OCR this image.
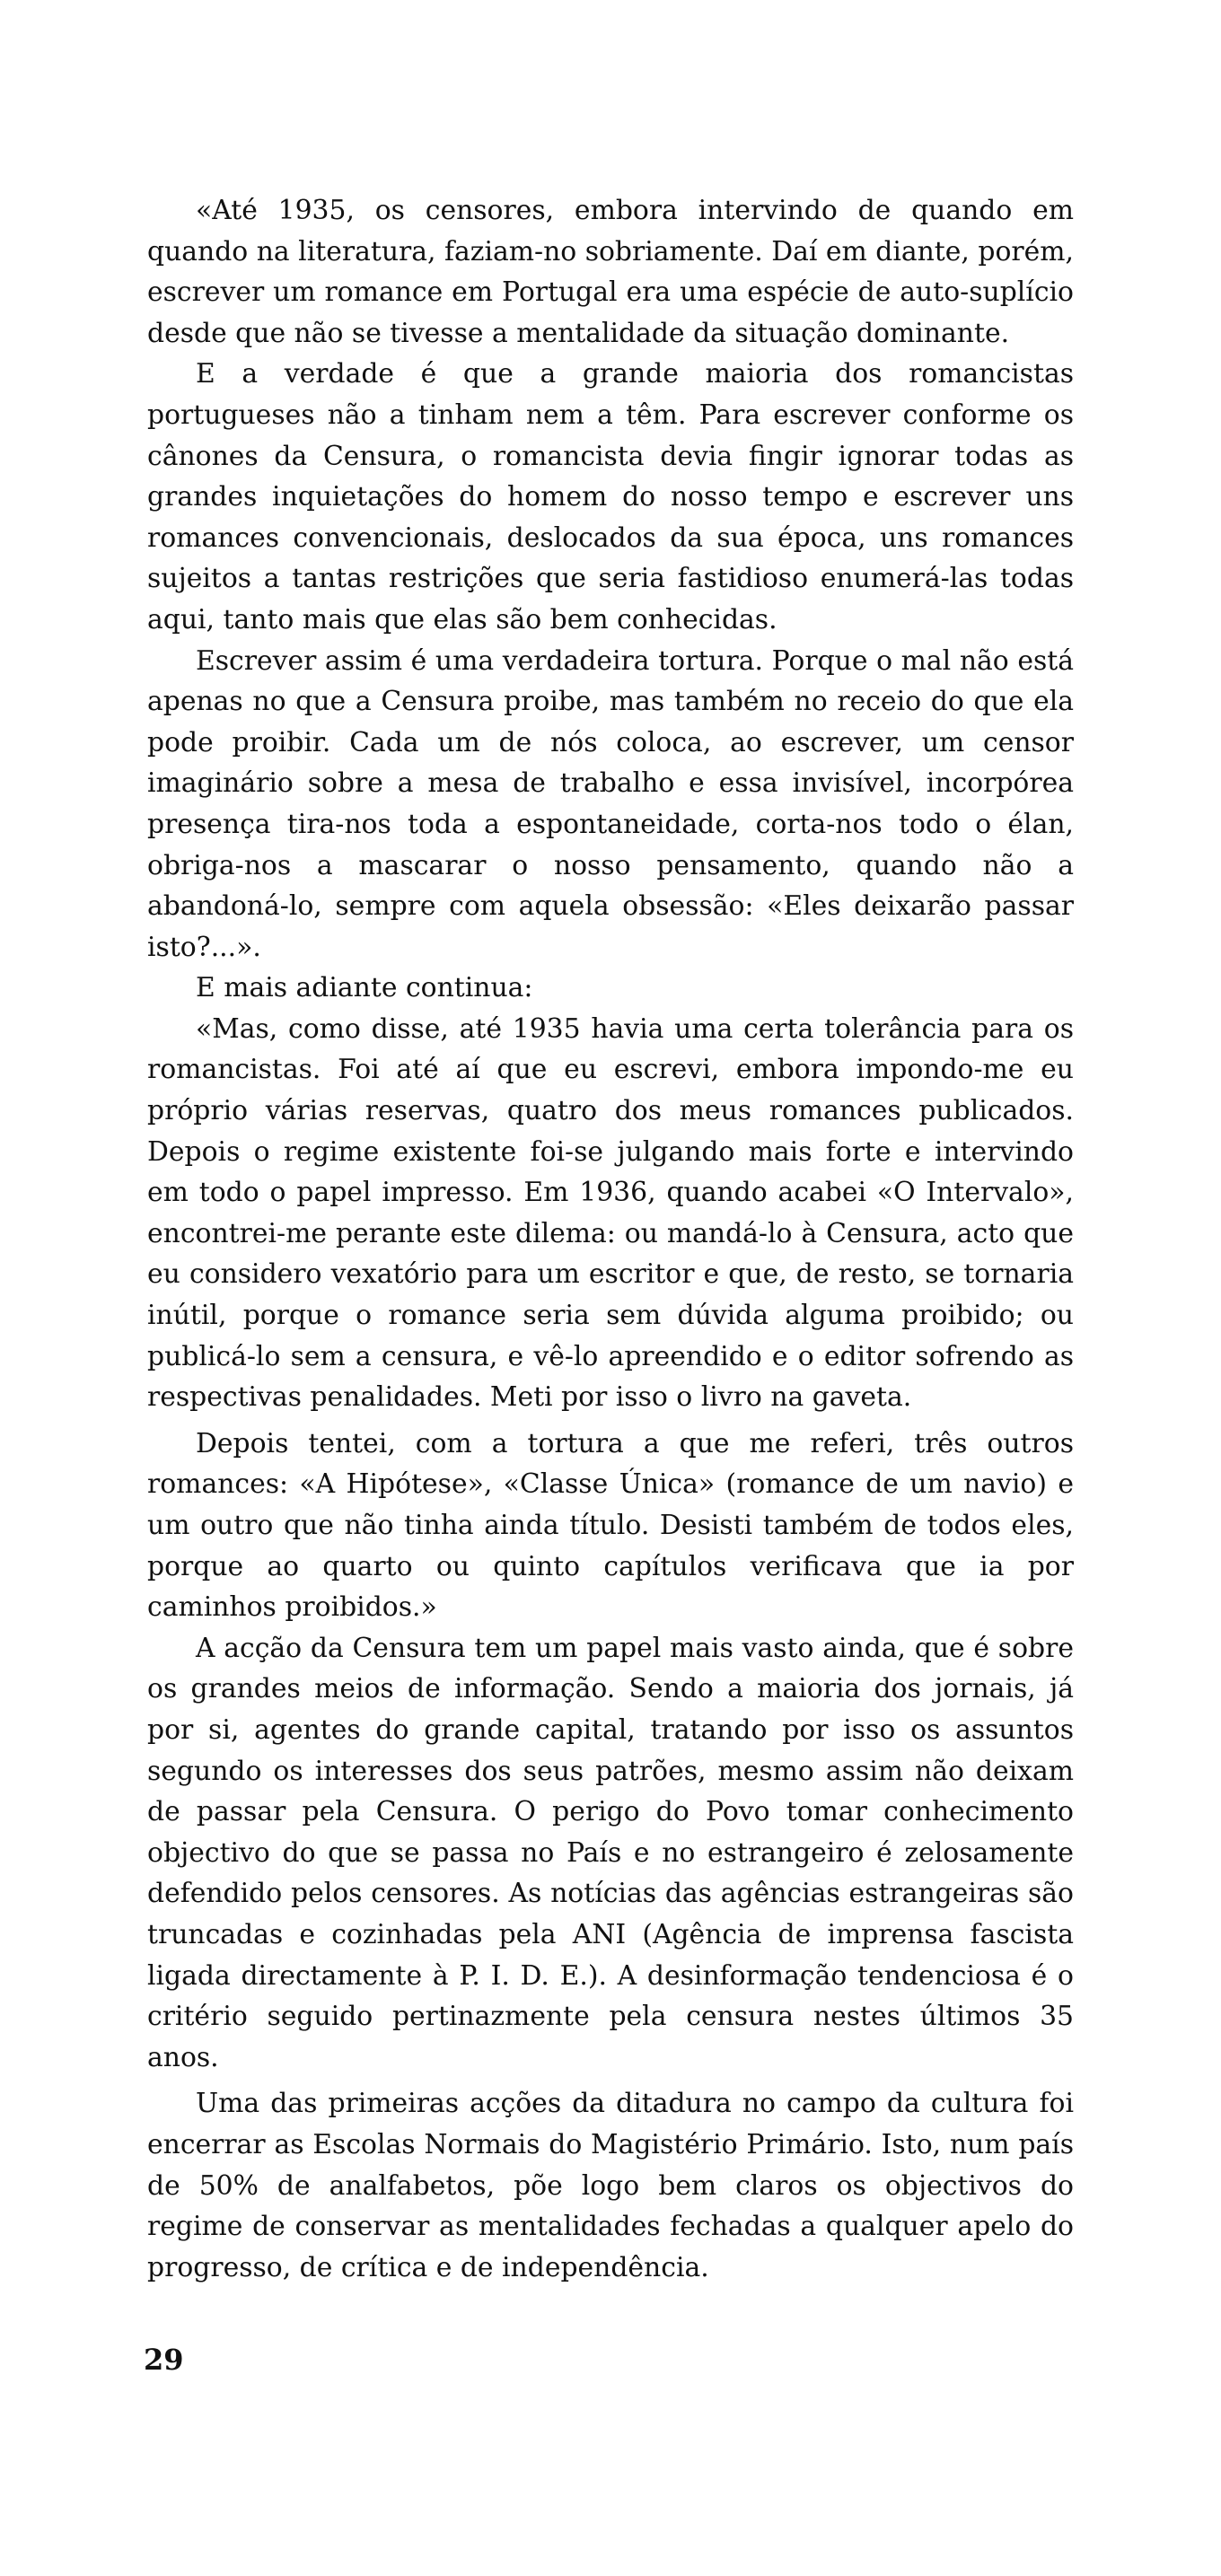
«Até 1935, os censores, embora intervindo de quando em quando na literatura, faziam-no sobriamente. Daí em diante, porém, escrever um romance em Portugal era uma espécie de auto-suplício desde que não se tivesse a mentalidade da situação dominante.

E a verdade é que a grande maioria dos romancistas portugueses não a tinham nem a têm. Para escrever conforme os cânones da Censura, o romancista devia fingir ignorar todas as grandes inquietações do homem do nosso tempo e escrever uns romances convencionais, deslocados da sua época, uns romances sujeitos a tantas restrições que seria fastidioso enumerá-las todas aqui, tanto mais que elas são bem conhecidas.

Escrever assim é uma verdadeira tortura. Porque o mal não está apenas no que a Censura proibe, mas também no receio do que ela pode proibir. Cada um de nós coloca, ao escrever, um censor imaginário sobre a mesa de trabalho e essa invisível, incorpórea presença tira-nos toda a espontaneidade, corta-nos todo o élan, obriga-nos a mascarar o nosso pensamento, quando não a abandoná-lo, sempre com aquela obsessão: «Eles deixarão passar isto?...».

E mais adiante continua:

«Mas, como disse, até 1935 havia uma certa tolerância para os romancistas. Foi até aí que eu escrevi, embora impondo-me eu próprio várias reservas, quatro dos meus romances publicados. Depois o regime existente foi-se julgando mais forte e intervindo em todo o papel impresso. Em 1936, quando acabei «O Intervalo», encontrei-me perante este dilema: ou mandá-lo à Censura, acto que eu considero vexatório para um escritor e que, de resto, se tornaria inútil, porque o romance seria sem dúvida alguma proibido; ou publicá-lo sem a censura, e vê-lo apreendido e o editor sofrendo as respectivas penalidades. Meti por isso o livro na gaveta.

Depois tentei, com a tortura a que me referi, três outros romances: «A Hipótese», «Classe Única» (romance de um navio) e um outro que não tinha ainda título. Desisti também de todos eles, porque ao quarto ou quinto capítulos verificava que ia por caminhos proibidos.»

A acção da Censura tem um papel mais vasto ainda, que é sobre os grandes meios de informação. Sendo a maioria dos jornais, já por si, agentes do grande capital, tratando por isso os assuntos segundo os interesses dos seus patrões, mesmo assim não deixam de passar pela Censura. O perigo do Povo tomar conhecimento objectivo do que se passa no País e no estrangeiro é zelosamente defendido pelos censores. As notícias das agências estrangeiras são truncadas e cozinhadas pela ANI (Agência de imprensa fascista ligada directamente à P. I. D. E.). A desinformação tendenciosa é o critério seguido pertinazmente pela censura nestes últimos 35 anos.

Uma das primeiras acções da ditadura no campo da cultura foi encerrar as Escolas Normais do Magistério Primário. Isto, num país de 50% de analfabetos, põe logo bem claros os objectivos do regime de conservar as mentalidades fechadas a qualquer apelo do progresso, de crítica e de independência.

29
